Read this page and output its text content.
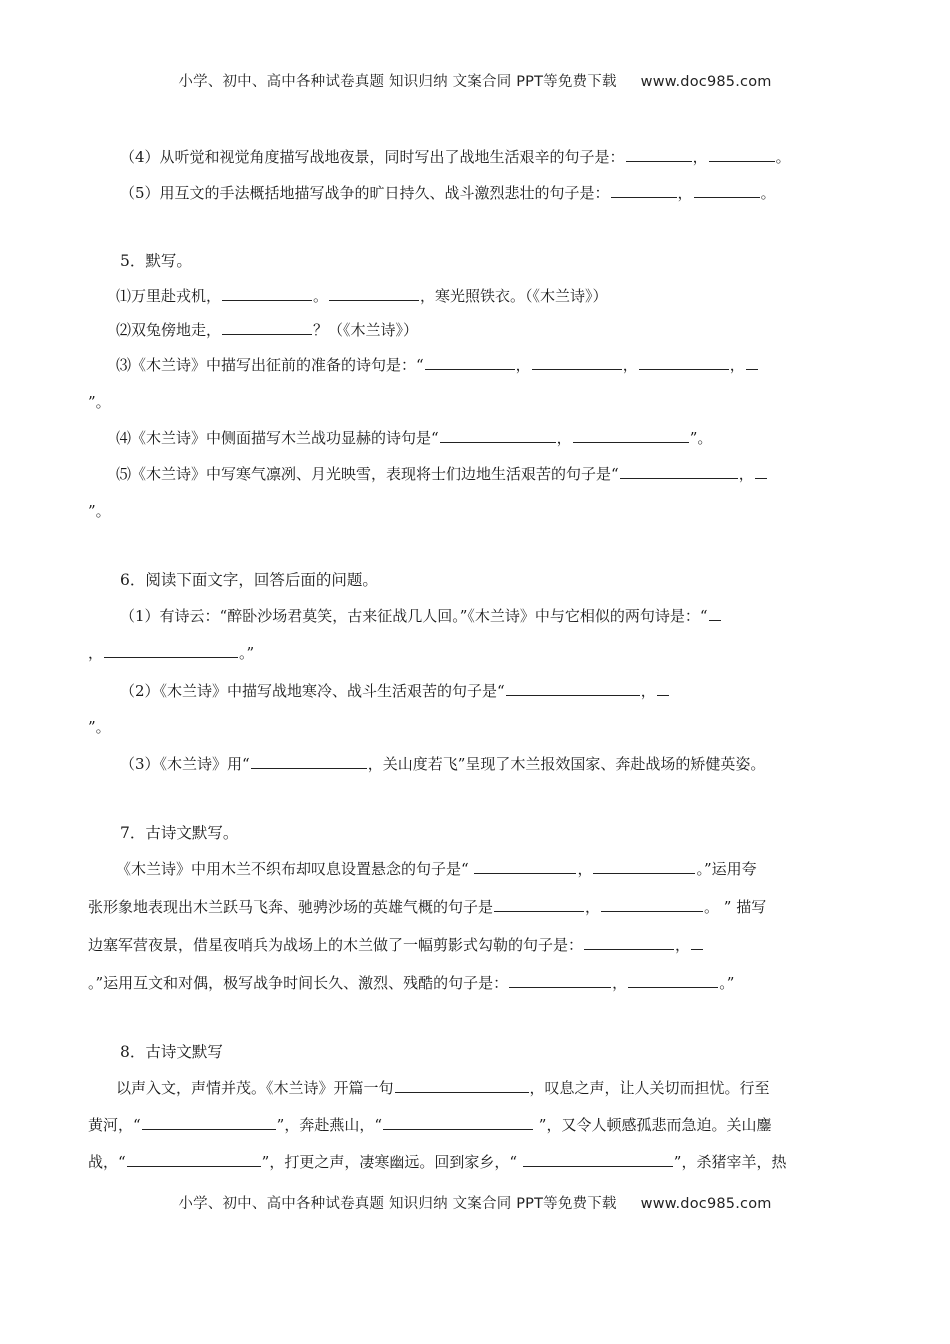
小学、初中、高中各种试卷真题 知识归纳 文案合同 PPT等免费下载 www.doc985.com
（4）从听觉和视觉角度描写战地夜景，同时写出了战地生活艰辛的句子是：	，	。
（5）用互文的手法概括地描写战争的旷日持久、战斗激烈悲壮的句子是：	，	。
5．默写。
⑴万里赴戎机，	。	，寒光照铁衣。（《木兰诗》）
⑵双兔傍地走，	？（《木兰诗》）
⑶《木兰诗》中描写出征前的准备的诗句是：“	，	，	，
”。
⑷《木兰诗》中侧面描写木兰战功显赫的诗句是“	，	”。
⑸《木兰诗》中写寒气凛冽、月光映雪，表现将士们边地生活艰苦的句子是“	，
”。
6．阅读下面文字，回答后面的问题。
（1）有诗云：“醉卧沙场君莫笑，古来征战几人回。”《木兰诗》中与它相似的两句诗是：“
，	。”
（2）《木兰诗》中描写战地寒冷、战斗生活艰苦的句子是“	，
”。
（3）《木兰诗》用“	，关山度若飞”呈现了木兰报效国家、奔赴战场的矫健英姿。
7．古诗文默写。
《木兰诗》中用木兰不织布却叹息设置悬念的句子是“	，	。”运用夸
张形象地表现出木兰跃马飞奔、驰骋沙场的英雄气概的句子是	，	。 ” 描写
边塞军营夜景，借星夜哨兵为战场上的木兰做了一幅剪影式勾勒的句子是：	，
。”运用互文和对偶，极写战争时间长久、激烈、残酷的句子是：	，	。”
8．古诗文默写
以声入文，声情并茂。《木兰诗》开篇一句	，叹息之声，让人关切而担忧。行至
黄河，“	”，奔赴燕山，“	”，又令人顿感孤悲而急迫。关山鏖
战，“	”，打更之声，凄寒幽远。回到家乡，“	”，杀猪宰羊，热
小学、初中、高中各种试卷真题 知识归纳 文案合同 PPT等免费下载 www.doc985.com
